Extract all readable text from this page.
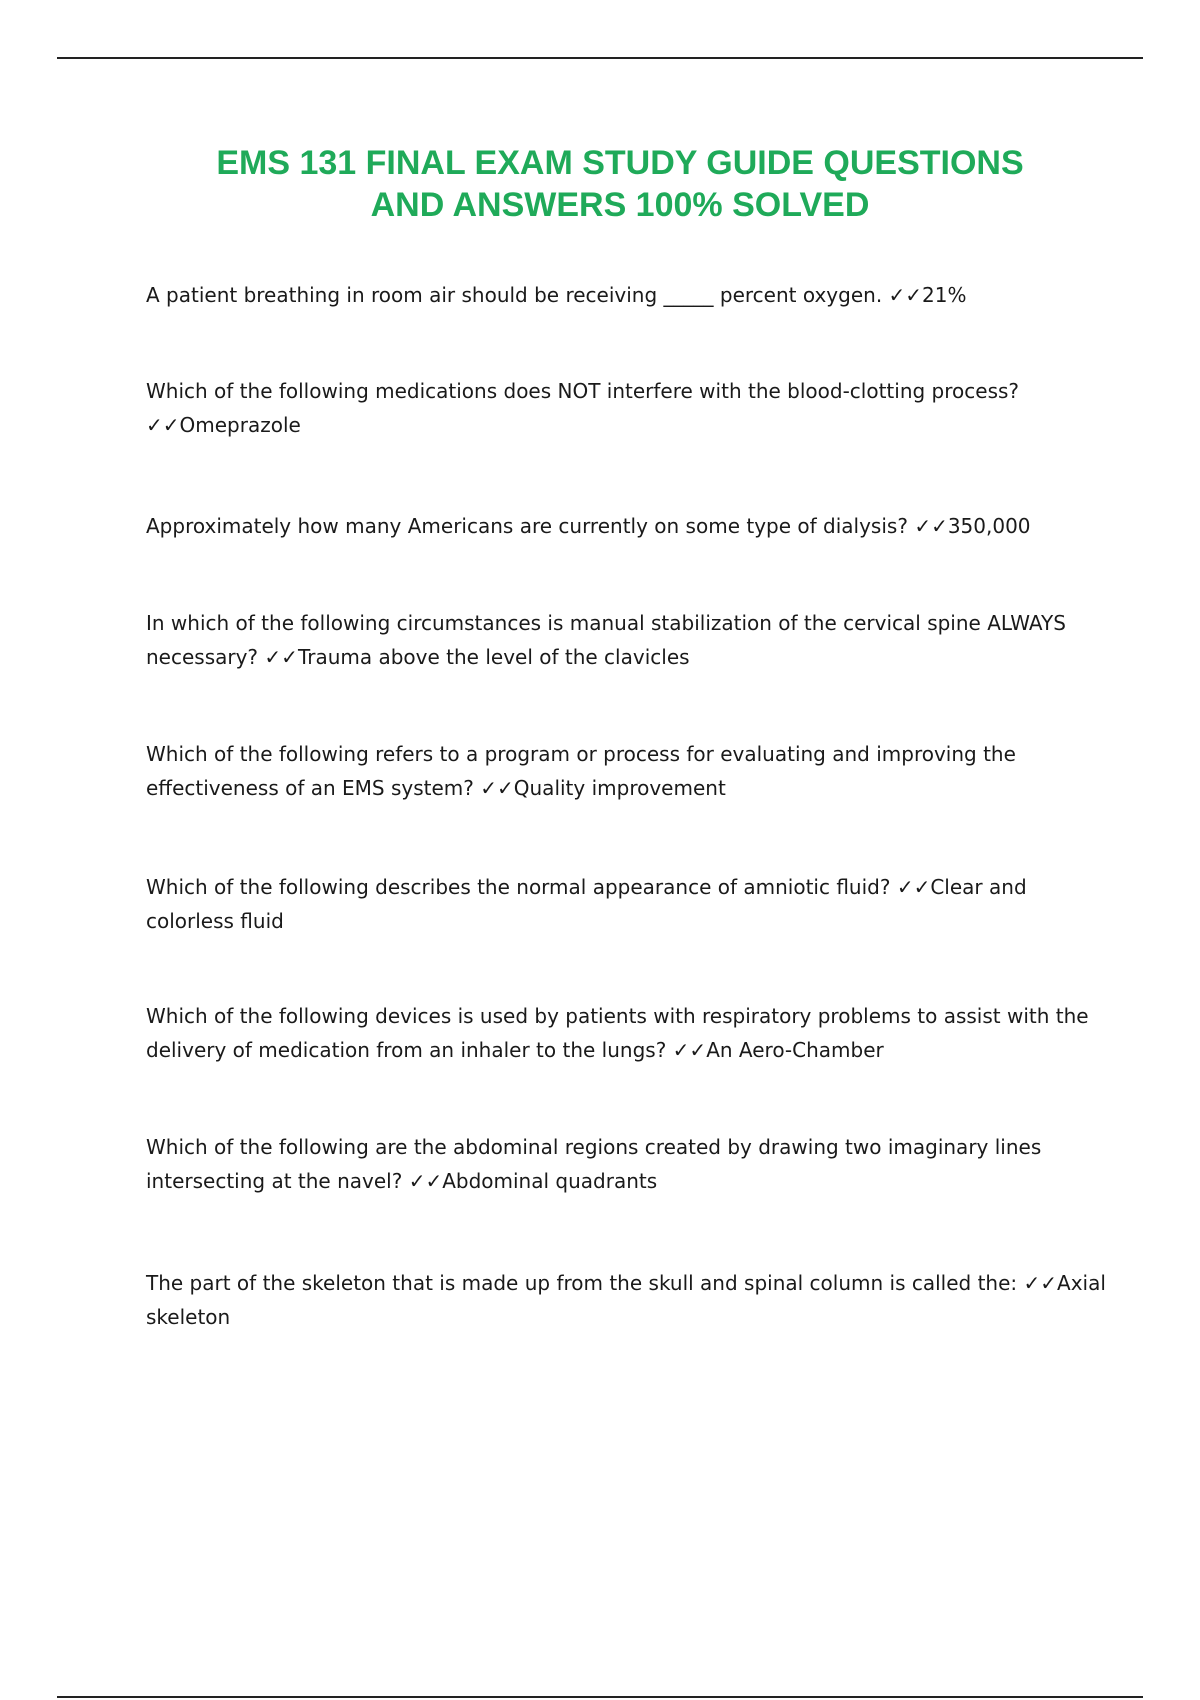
EMS 131 FINAL EXAM STUDY GUIDE QUESTIONS
AND ANSWERS 100% SOLVED

A patient breathing in room air should be receiving _____ percent oxygen. ✓✓21%

Which of the following medications does NOT interfere with the blood-clotting process? ✓✓Omeprazole

Approximately how many Americans are currently on some type of dialysis? ✓✓350,000

In which of the following circumstances is manual stabilization of the cervical spine ALWAYS necessary? ✓✓Trauma above the level of the clavicles

Which of the following refers to a program or process for evaluating and improving the effectiveness of an EMS system? ✓✓Quality improvement

Which of the following describes the normal appearance of amniotic fluid? ✓✓Clear and colorless fluid

Which of the following devices is used by patients with respiratory problems to assist with the delivery of medication from an inhaler to the lungs? ✓✓An Aero-Chamber

Which of the following are the abdominal regions created by drawing two imaginary lines intersecting at the navel? ✓✓Abdominal quadrants

The part of the skeleton that is made up from the skull and spinal column is called the: ✓✓Axial skeleton
